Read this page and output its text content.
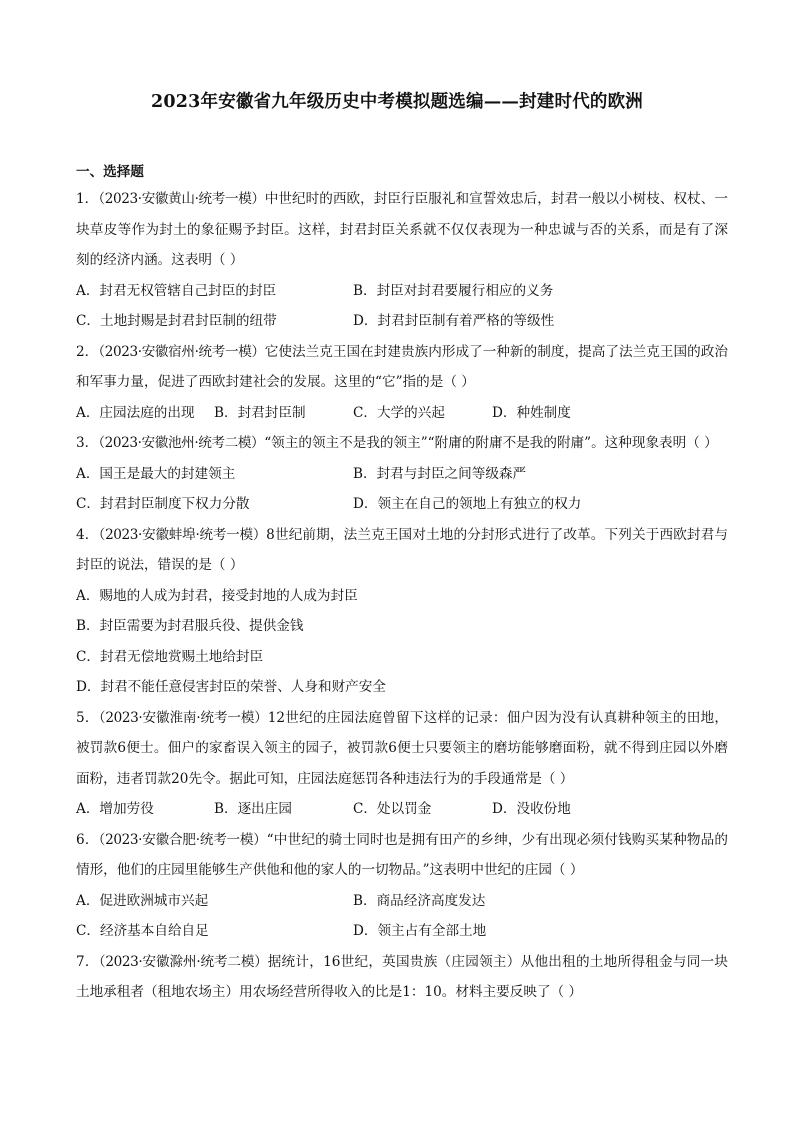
2023年安徽省九年级历史中考模拟题选编——封建时代的欧洲
一、选择题
1．（2023·安徽黄山·统考一模）中世纪时的西欧，封臣行臣服礼和宣誓效忠后，封君一般以小树枝、权杖、一块草皮等作为封土的象征赐予封臣。这样，封君封臣关系就不仅仅表现为一种忠诚与否的关系，而是有了深刻的经济内涵。这表明（ ）
A．封君无权管辖自己封臣的封臣	B．封臣对封君要履行相应的义务
C．土地封赐是封君封臣制的纽带	D．封君封臣制有着严格的等级性
2．（2023·安徽宿州·统考一模）它使法兰克王国在封建贵族内形成了一种新的制度，提高了法兰克王国的政治和军事力量，促进了西欧封建社会的发展。这里的“它”指的是（ ）
A．庄园法庭的出现 B．封君封臣制	C．大学的兴起	D．种姓制度
3．（2023·安徽池州·统考二模）“领主的领主不是我的领主”“附庸的附庸不是我的附庸”。这种现象表明（ ）
A．国王是最大的封建领主	B．封君与封臣之间等级森严
C．封君封臣制度下权力分散	D．领主在自己的领地上有独立的权力
4．（2023·安徽蚌埠·统考一模）8世纪前期，法兰克王国对土地的分封形式进行了改革。下列关于西欧封君与封臣的说法，错误的是（ ）
A．赐地的人成为封君，接受封地的人成为封臣
B．封臣需要为封君服兵役、提供金钱
C．封君无偿地赏赐土地给封臣
D．封君不能任意侵害封臣的荣誉、人身和财产安全
5．（2023·安徽淮南·统考一模）12世纪的庄园法庭曾留下这样的记录：佃户因为没有认真耕种领主的田地，被罚款6便士。佃户的家畜误入领主的园子，被罚款6便士只要领主的磨坊能够磨面粉，就不得到庄园以外磨面粉，违者罚款20先令。据此可知，庄园法庭惩罚各种违法行为的手段通常是（ ）
A．增加劳役	B．逐出庄园	C．处以罚金	D．没收份地
6．（2023·安徽合肥·统考一模）“中世纪的骑士同时也是拥有田产的乡绅，少有出现必须付钱购买某种物品的情形，他们的庄园里能够生产供他和他的家人的一切物品。”这表明中世纪的庄园（ ）
A．促进欧洲城市兴起	B．商品经济高度发达
C．经济基本自给自足	D．领主占有全部土地
7．（2023·安徽滁州·统考二模）据统计，16世纪，英国贵族（庄园领主）从他出租的土地所得租金与同一块土地承租者（租地农场主）用农场经营所得收入的比是1：10。材料主要反映了（ ）
